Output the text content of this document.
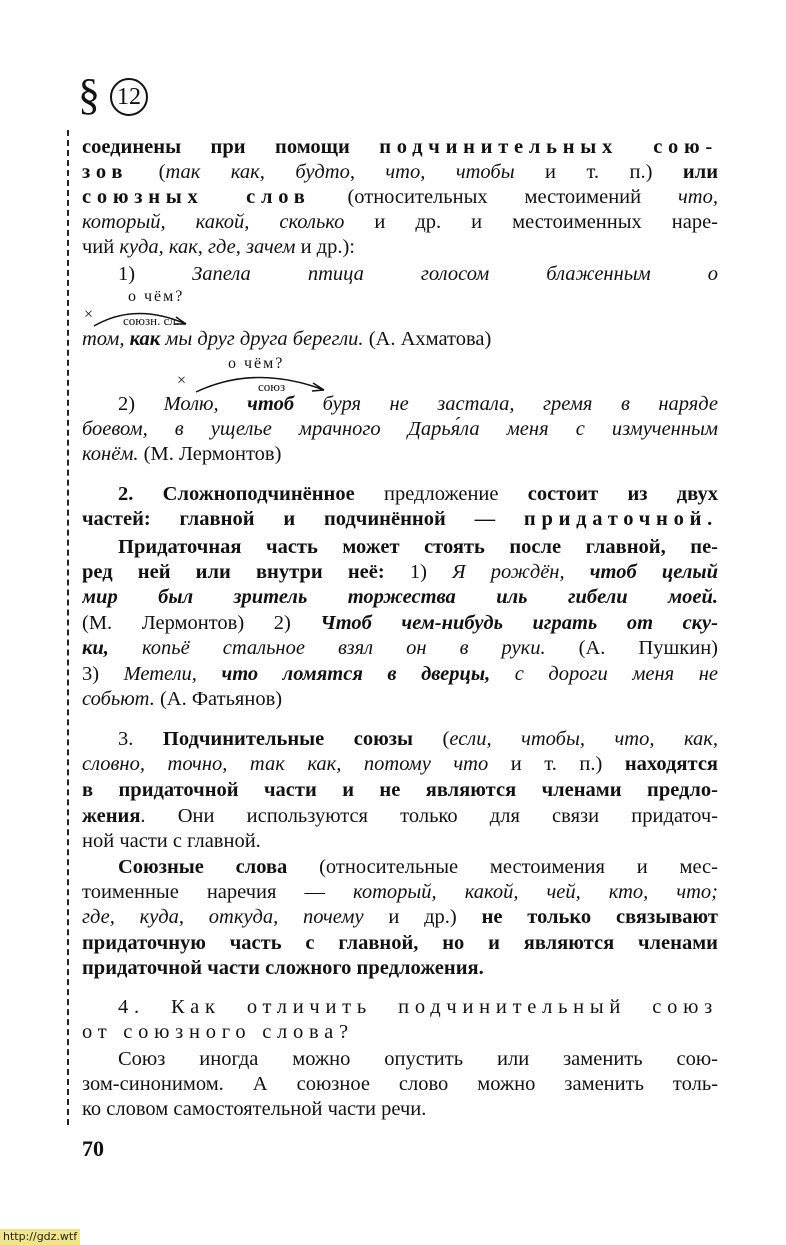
§ 12
соединены при помощи подчинительных сою-
зов (так как, будто, что, чтобы и т. п.) или
союзных слов (относительных местоимений что,
который, какой, сколько и др. и местоименных наре-
чий куда, как, где, зачем и др.):
1) Запела птица голосом блаженным о
том, как мы друг друга берегли. (А. Ахматова)
2) Молю, чтоб буря не застала, гремя в наряде
боевом, в ущелье мрачного Дарья́ла меня с измученным
конём. (М. Лермонтов)
2. Сложноподчинённое предложение состоит из двух
частей: главной и подчинённой — придаточной.
Придаточная часть может стоять после главной, пе-
ред ней или внутри неё: 1) Я рождён, чтоб целый
мир был зритель торжества иль гибели моей.
(М. Лермонтов) 2) Чтоб чем-нибудь играть от ску-
ки, копьё стальное взял он в руки. (А. Пушкин)
3) Метели, что ломятся в дверцы, с дороги меня не
собьют. (А. Фатьянов)
3. Подчинительные союзы (если, чтобы, что, как,
словно, точно, так как, потому что и т. п.) находятся
в придаточной части и не являются членами предло-
жения. Они используются только для связи придаточ-
ной части с главной.
Союзные слова (относительные местоимения и мес-
тоименные наречия — который, какой, чей, кто, что;
где, куда, откуда, почему и др.) не только связывают
придаточную часть с главной, но и являются членами
придаточной части сложного предложения.
4. Как отличить подчинительный союз
от союзного слова?
Союз иногда можно опустить или заменить сою-
зом-синонимом. А союзное слово можно заменить толь-
ко словом самостоятельной части речи.
о чём?
× союзн. сл.
о чём?
×	союз
70
http://gdz.wtf
